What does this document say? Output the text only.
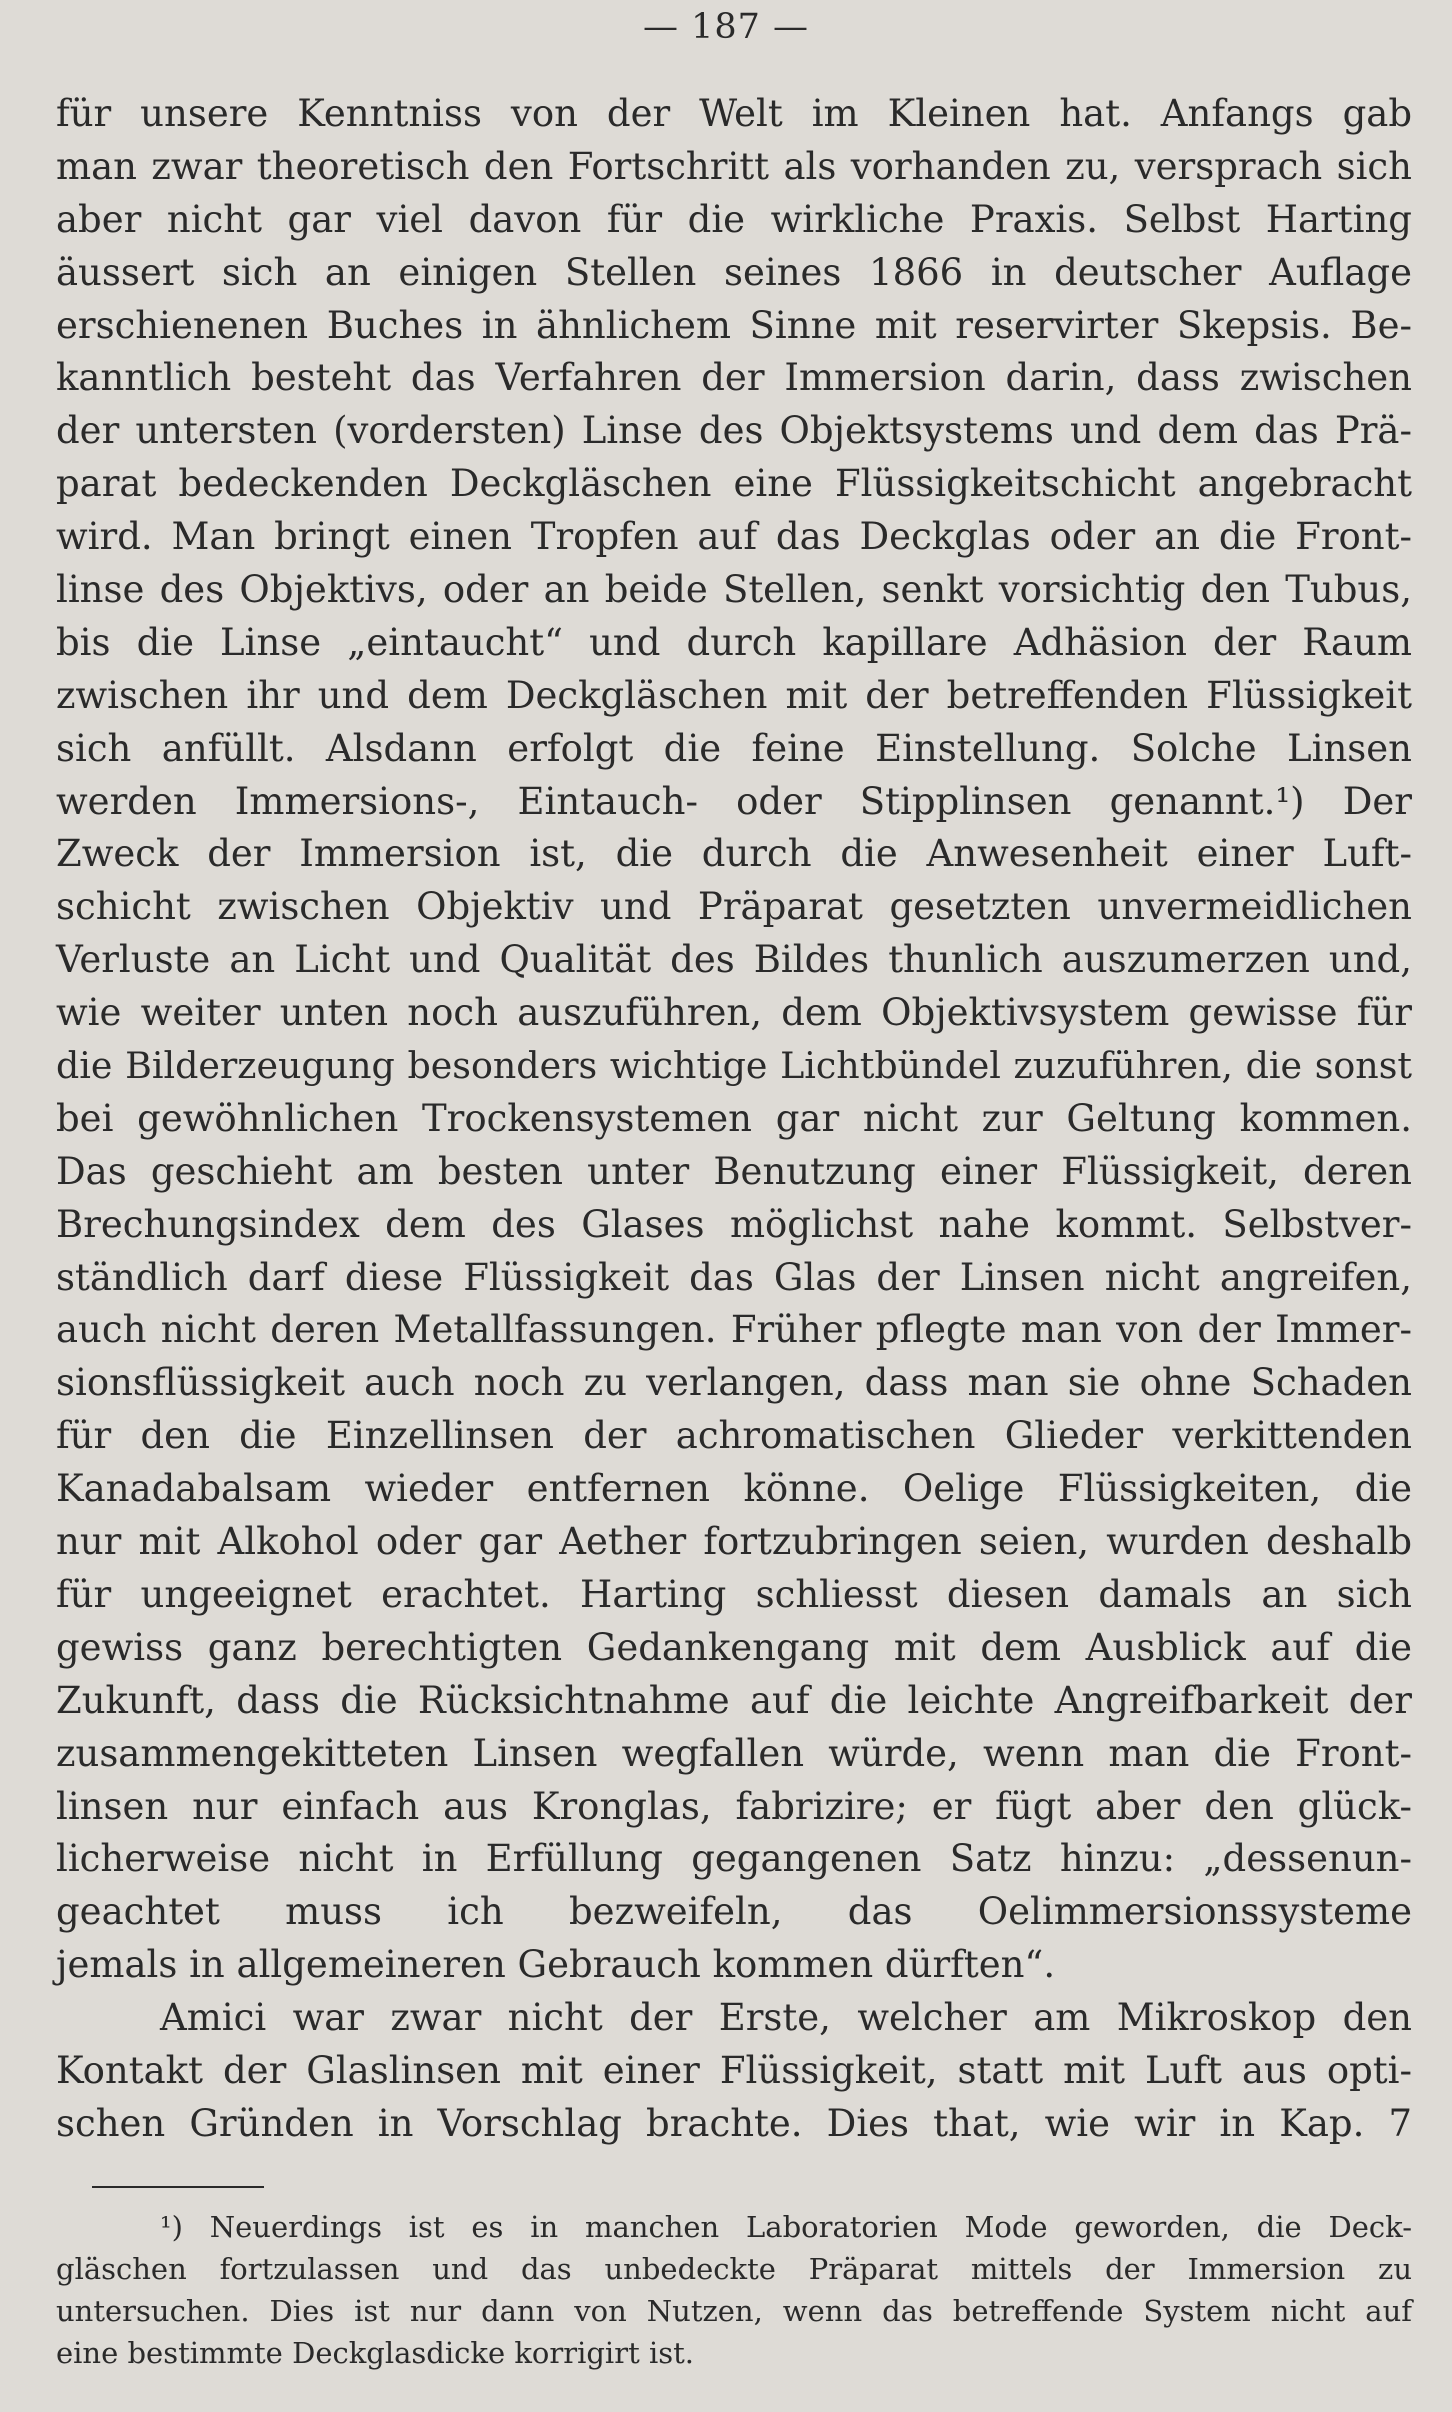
— 187 —
für unsere Kenntniss von der Welt im Kleinen hat. Anfangs gab
man zwar theoretisch den Fortschritt als vorhanden zu, versprach sich
aber nicht gar viel davon für die wirkliche Praxis. Selbst Harting
äussert sich an einigen Stellen seines 1866 in deutscher Auflage
erschienenen Buches in ähnlichem Sinne mit reservirter Skepsis. Be-
kanntlich besteht das Verfahren der Immersion darin, dass zwischen
der untersten (vordersten) Linse des Objektsystems und dem das Prä-
parat bedeckenden Deckgläschen eine Flüssigkeitschicht angebracht
wird. Man bringt einen Tropfen auf das Deckglas oder an die Front-
linse des Objektivs, oder an beide Stellen, senkt vorsichtig den Tubus,
bis die Linse „eintaucht“ und durch kapillare Adhäsion der Raum
zwischen ihr und dem Deckgläschen mit der betreffenden Flüssigkeit
sich anfüllt. Alsdann erfolgt die feine Einstellung. Solche Linsen
werden Immersions-, Eintauch- oder Stipplinsen genannt.¹) Der
Zweck der Immersion ist, die durch die Anwesenheit einer Luft-
schicht zwischen Objektiv und Präparat gesetzten unvermeidlichen
Verluste an Licht und Qualität des Bildes thunlich auszumerzen und,
wie weiter unten noch auszuführen, dem Objektivsystem gewisse für
die Bilderzeugung besonders wichtige Lichtbündel zuzuführen, die sonst
bei gewöhnlichen Trockensystemen gar nicht zur Geltung kommen.
Das geschieht am besten unter Benutzung einer Flüssigkeit, deren
Brechungsindex dem des Glases möglichst nahe kommt. Selbstver-
ständlich darf diese Flüssigkeit das Glas der Linsen nicht angreifen,
auch nicht deren Metallfassungen. Früher pflegte man von der Immer-
sionsflüssigkeit auch noch zu verlangen, dass man sie ohne Schaden
für den die Einzellinsen der achromatischen Glieder verkittenden
Kanadabalsam wieder entfernen könne. Oelige Flüssigkeiten, die
nur mit Alkohol oder gar Aether fortzubringen seien, wurden deshalb
für ungeeignet erachtet. Harting schliesst diesen damals an sich
gewiss ganz berechtigten Gedankengang mit dem Ausblick auf die
Zukunft, dass die Rücksichtnahme auf die leichte Angreifbarkeit der
zusammengekitteten Linsen wegfallen würde, wenn man die Front-
linsen nur einfach aus Kronglas, fabrizire; er fügt aber den glück-
licherweise nicht in Erfüllung gegangenen Satz hinzu: „dessenun-
geachtet muss ich bezweifeln, das Oelimmersionssysteme
jemals in allgemeineren Gebrauch kommen dürften“.
Amici war zwar nicht der Erste, welcher am Mikroskop den
Kontakt der Glaslinsen mit einer Flüssigkeit, statt mit Luft aus opti-
schen Gründen in Vorschlag brachte. Dies that, wie wir in Kap. 7
¹) Neuerdings ist es in manchen Laboratorien Mode geworden, die Deck-
gläschen fortzulassen und das unbedeckte Präparat mittels der Immersion zu
untersuchen. Dies ist nur dann von Nutzen, wenn das betreffende System nicht auf
eine bestimmte Deckglasdicke korrigirt ist.
